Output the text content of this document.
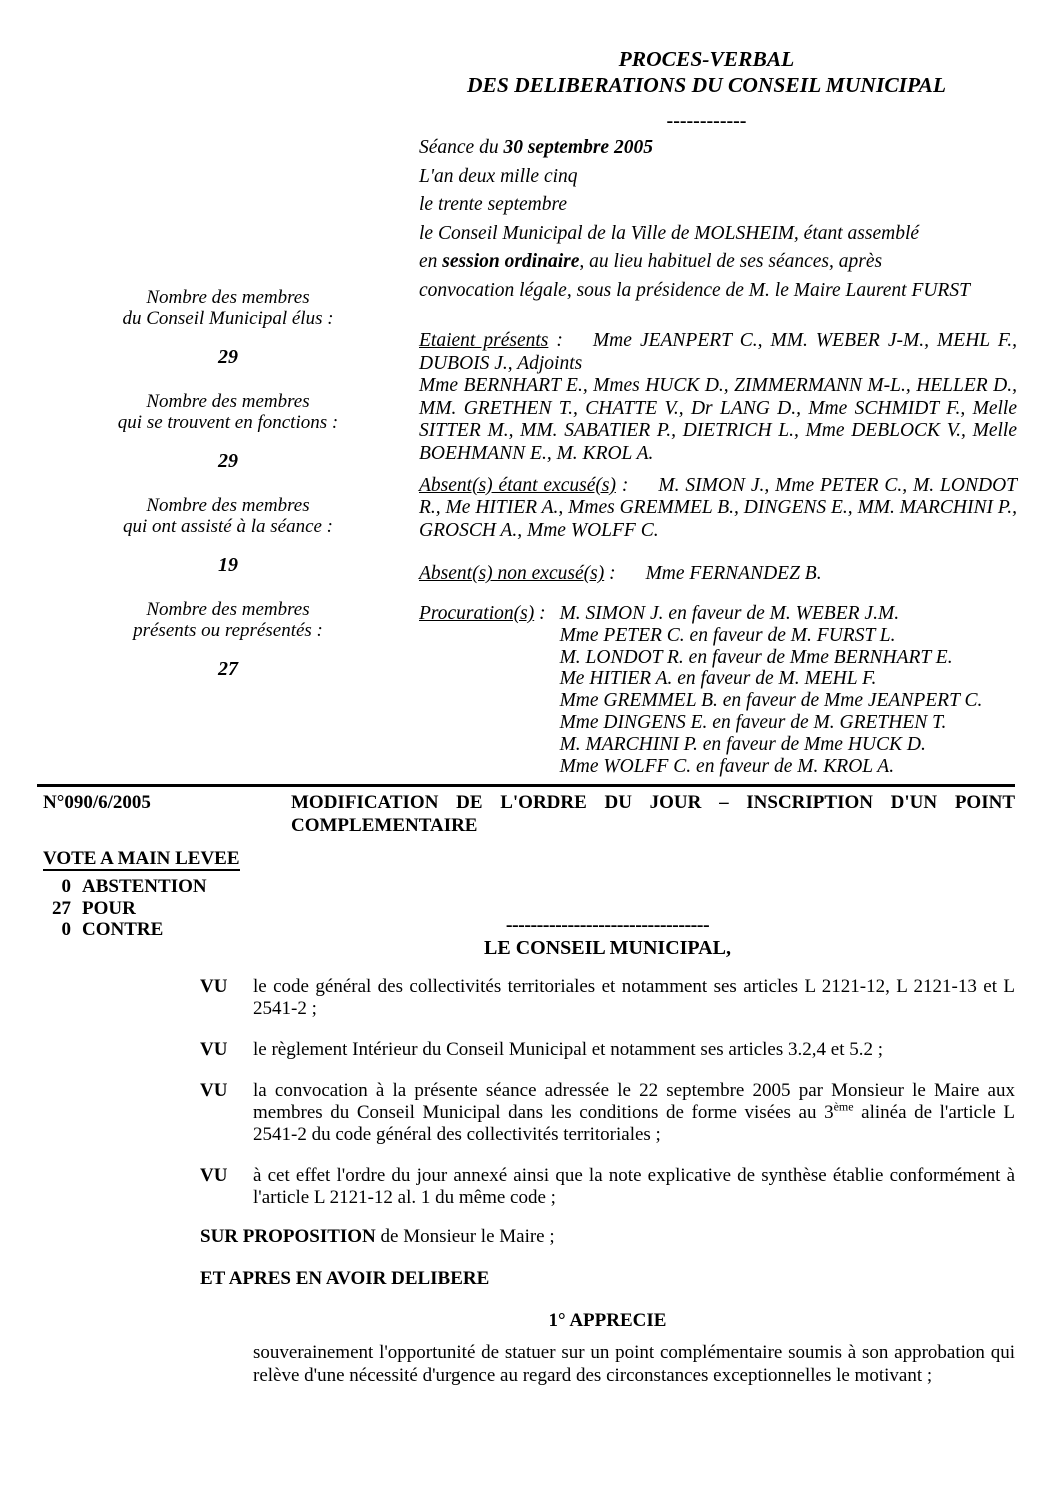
PROCES-VERBAL
DES DELIBERATIONS DU CONSEIL MUNICIPAL
------------
Séance du 30 septembre 2005
L'an deux mille cinq
le trente septembre
le Conseil Municipal de la Ville de MOLSHEIM, étant assemblé
en session ordinaire, au lieu habituel de ses séances, après
convocation légale, sous la présidence de M. le Maire Laurent FURST
Nombre des membres
du Conseil Municipal élus :
29
Nombre des membres
qui se trouvent en fonctions :
29
Nombre des membres
qui ont assisté à la séance :
19
Nombre des membres
présents ou représentés :
27

Etaient présents : Mme JEANPERT C., MM. WEBER J-M., MEHL F., DUBOIS J., Adjoints

Mme BERNHART E., Mmes HUCK D., ZIMMERMANN M-L., HELLER D., MM. GRETHEN T., CHATTE V., Dr LANG D., Mme SCHMIDT F., Melle SITTER M., MM. SABATIER P., DIETRICH L., Mme DEBLOCK V., Melle BOEHMANN E., M. KROL A.

Absent(s) étant excusé(s) : M. SIMON J., Mme PETER C., M. LONDOT R., Me HITIER A., Mmes GREMMEL B., DINGENS E., MM. MARCHINI P., GROSCH A., Mme WOLFF C.

Absent(s) non excusé(s) : Mme FERNANDEZ B.

Procuration(s) : M. SIMON J. en faveur de M. WEBER J.M.
Mme PETER C. en faveur de M. FURST L.
M. LONDOT R. en faveur de Mme BERNHART E.
Me HITIER A. en faveur de M. MEHL F.
Mme GREMMEL B. en faveur de Mme JEANPERT C.
Mme DINGENS E. en faveur de M. GRETHEN T.
M. MARCHINI P. en faveur de Mme HUCK D.
Mme WOLFF C. en faveur de M. KROL A.
N°090/6/2005	MODIFICATION DE L'ORDRE DU JOUR – INSCRIPTION D'UN POINT
COMPLEMENTAIRE
VOTE A MAIN LEVEE
0 ABSTENTION
27 POUR
0 CONTRE	---------------------------------
LE CONSEIL MUNICIPAL,
VU	le code général des collectivités territoriales et notamment ses articles L 2121-12, L 2121-13 et L 2541-2 ;
VU	le règlement Intérieur du Conseil Municipal et notamment ses articles 3.2,4 et 5.2 ;
VU	la convocation à la présente séance adressée le 22 septembre 2005 par Monsieur le Maire aux membres du Conseil Municipal dans les conditions de forme visées au 3ème alinéa de l'article L 2541-2 du code général des collectivités territoriales ;
VU	à cet effet l'ordre du jour annexé ainsi que la note explicative de synthèse établie conformément à l'article L 2121-12 al. 1 du même code ;
SUR PROPOSITION de Monsieur le Maire ;
ET APRES EN AVOIR DELIBERE
1° APPRECIE

souverainement l'opportunité de statuer sur un point complémentaire soumis à son approbation qui relève d'une nécessité d'urgence au regard des circonstances exceptionnelles le motivant ;
